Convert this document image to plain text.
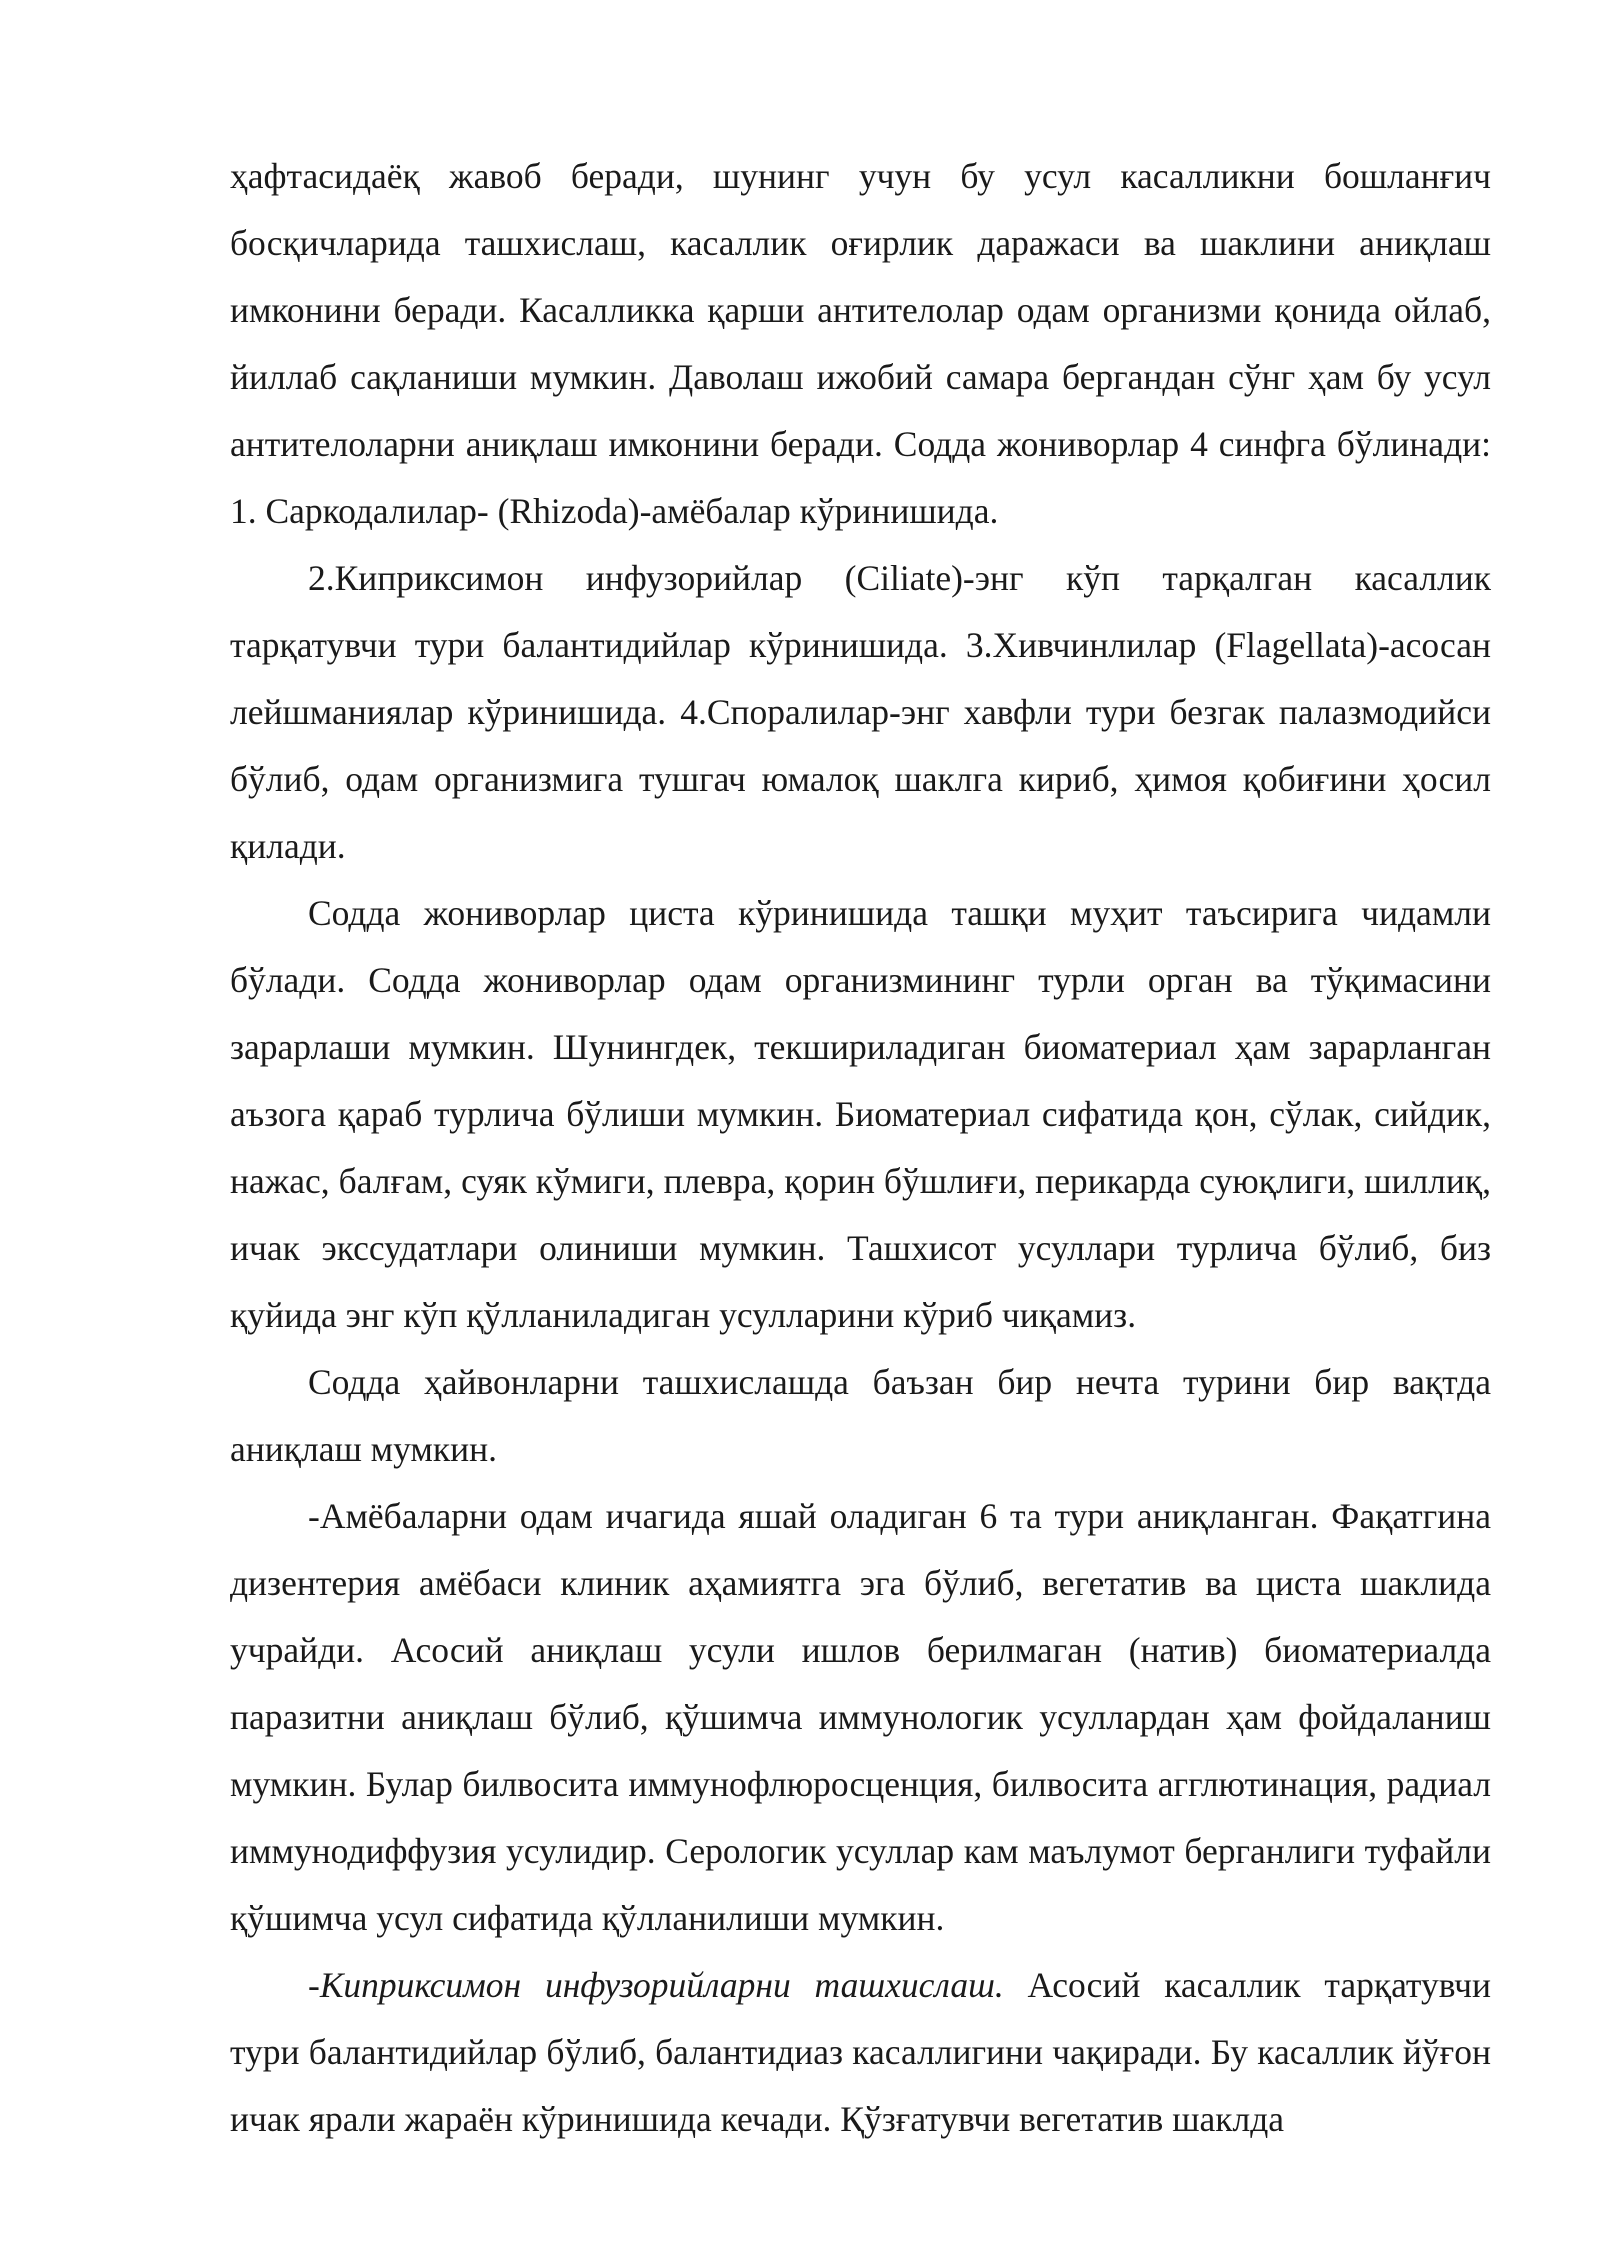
ҳафтасидаёқ жавоб беради, шунинг учун бу усул касалликни бошланғич босқичларида ташхислаш, касаллик оғирлик даражаси ва шаклини аниқлаш имконини беради. Касалликка қарши антителолар одам организми қонида ойлаб, йиллаб сақланиши мумкин. Даволаш ижобий самара бергандан сўнг ҳам бу усул антителоларни аниқлаш имконини беради. Содда жониворлар 4 синфга бўлинади: 1. Саркодалилар- (Rhizoda)-амёбалар кўринишида.

2.Киприксимон инфузорийлар (Ciliate)-энг кўп тарқалган касаллик тарқатувчи тури балантидийлар кўринишида. 3.Хивчинлилар (Flagellata)-асосан лейшманиялар кўринишида. 4.Споралилар-энг хавфли тури безгак палазмодийси бўлиб, одам организмига тушгач юмалоқ шаклга кириб, ҳимоя қобиғини ҳосил қилади.

Содда жониворлар циста кўринишида ташқи муҳит таъсирига чидамли бўлади. Содда жониворлар одам организмининг турли орган ва тўқимасини зарарлаши мумкин. Шунингдек, текшириладиган биоматериал ҳам зарарланган аъзога қараб турлича бўлиши мумкин. Биоматериал сифатида қон, сўлак, сийдик, нажас, балғам, суяк кўмиги, плевра, қорин бўшлиғи, перикарда суюқлиги, шиллиқ, ичак экссудатлари олиниши мумкин. Ташхисот усуллари турлича бўлиб, биз қуйида энг кўп қўлланиладиган усулларини кўриб чиқамиз.

Содда ҳайвонларни ташхислашда баъзан бир нечта турини бир вақтда аниқлаш мумкин.

-Амёбаларни одам ичагида яшай оладиган 6 та тури аниқланган. Фақатгина дизентерия амёбаси клиник аҳамиятга эга бўлиб, вегетатив ва циста шаклида учрайди. Асосий аниқлаш усули ишлов берилмаган (натив) биоматериалда паразитни аниқлаш бўлиб, қўшимча иммунологик усуллардан ҳам фойдаланиш мумкин. Булар билвосита иммунофлюросценция, билвосита агглютинация, радиал иммунодиффузия усулидир. Серологик усуллар кам маълумот берганлиги туфайли қўшимча усул сифатида қўлланилиши мумкин.

-Киприксимон инфузорийларни ташхислаш. Асосий касаллик тарқатувчи тури балантидийлар бўлиб, балантидиаз касаллигини чақиради. Бу касаллик йўғон ичак ярали жараён кўринишида кечади. Қўзғатувчи вегетатив шаклда
